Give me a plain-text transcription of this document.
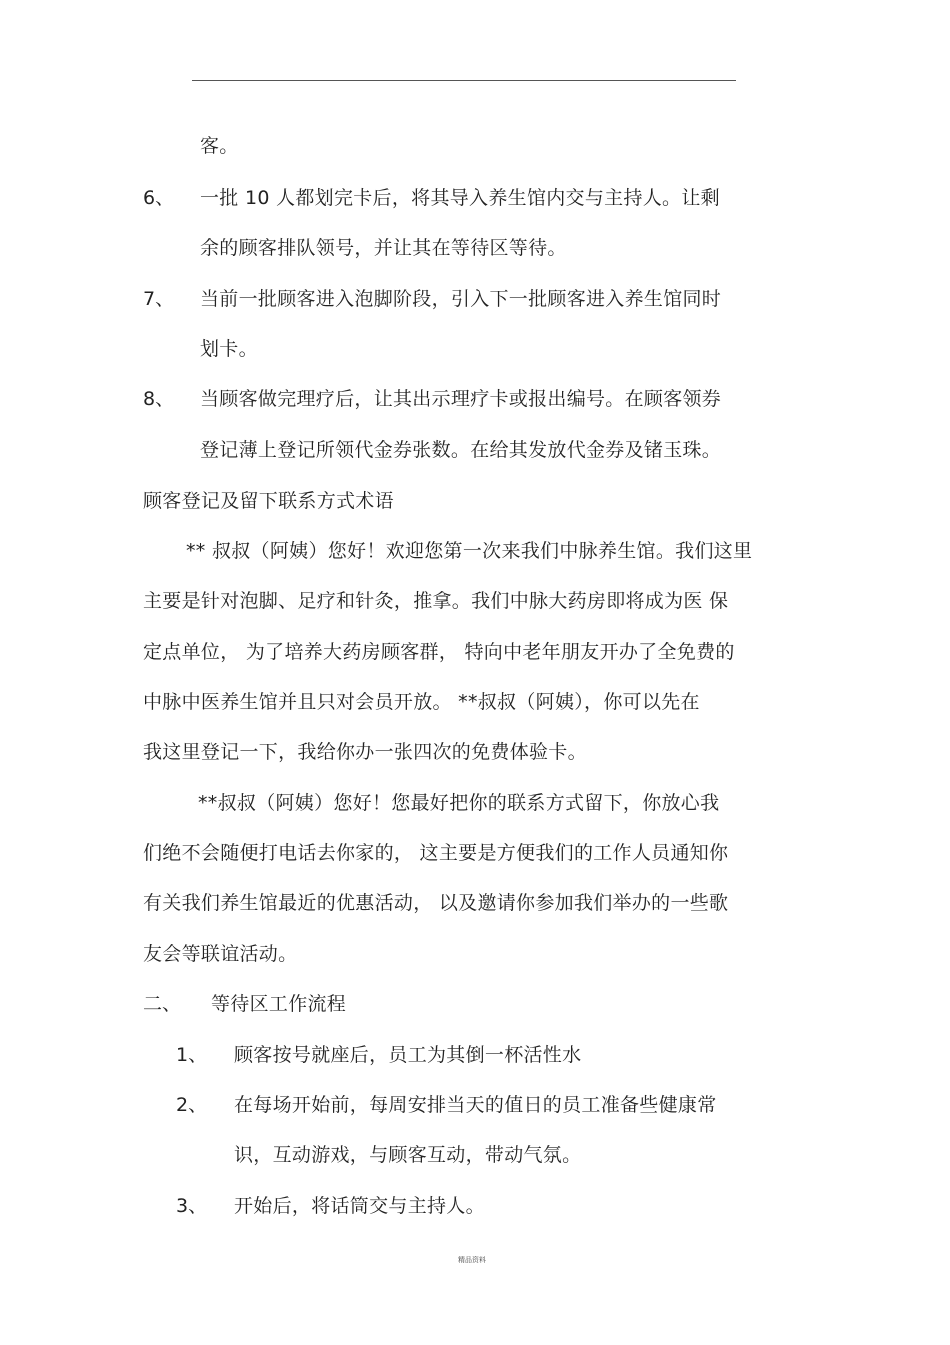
客。
6、 一批 10 人都划完卡后，将其导入养生馆内交与主持人。让剩
余的顾客排队领号，并让其在等待区等待。
7、 当前一批顾客进入泡脚阶段，引入下一批顾客进入养生馆同时
划卡。
8、 当顾客做完理疗后，让其出示理疗卡或报出编号。在顾客领券
登记薄上登记所领代金券张数。在给其发放代金券及锗玉珠。
顾客登记及留下联系方式术语
** 叔叔（阿姨）您好！欢迎您第一次来我们中脉养生馆。我们这里
主要是针对泡脚、足疗和针灸，推拿。我们中脉大药房即将成为医 保
定点单位， 为了培养大药房顾客群， 特向中老年朋友开办了全免费的
中脉中医养生馆并且只对会员开放。 **叔叔（阿姨），你可以先在
我这里登记一下，我给你办一张四次的免费体验卡。
**叔叔（阿姨）您好！您最好把你的联系方式留下，你放心我
们绝不会随便打电话去你家的， 这主要是方便我们的工作人员通知你
有关我们养生馆最近的优惠活动， 以及邀请你参加我们举办的一些歌
友会等联谊活动。
二、 等待区工作流程
1、 顾客按号就座后，员工为其倒一杯活性水
2、 在每场开始前，每周安排当天的值日的员工准备些健康常
识，互动游戏，与顾客互动，带动气氛。
3、 开始后，将话筒交与主持人。
精品资料
